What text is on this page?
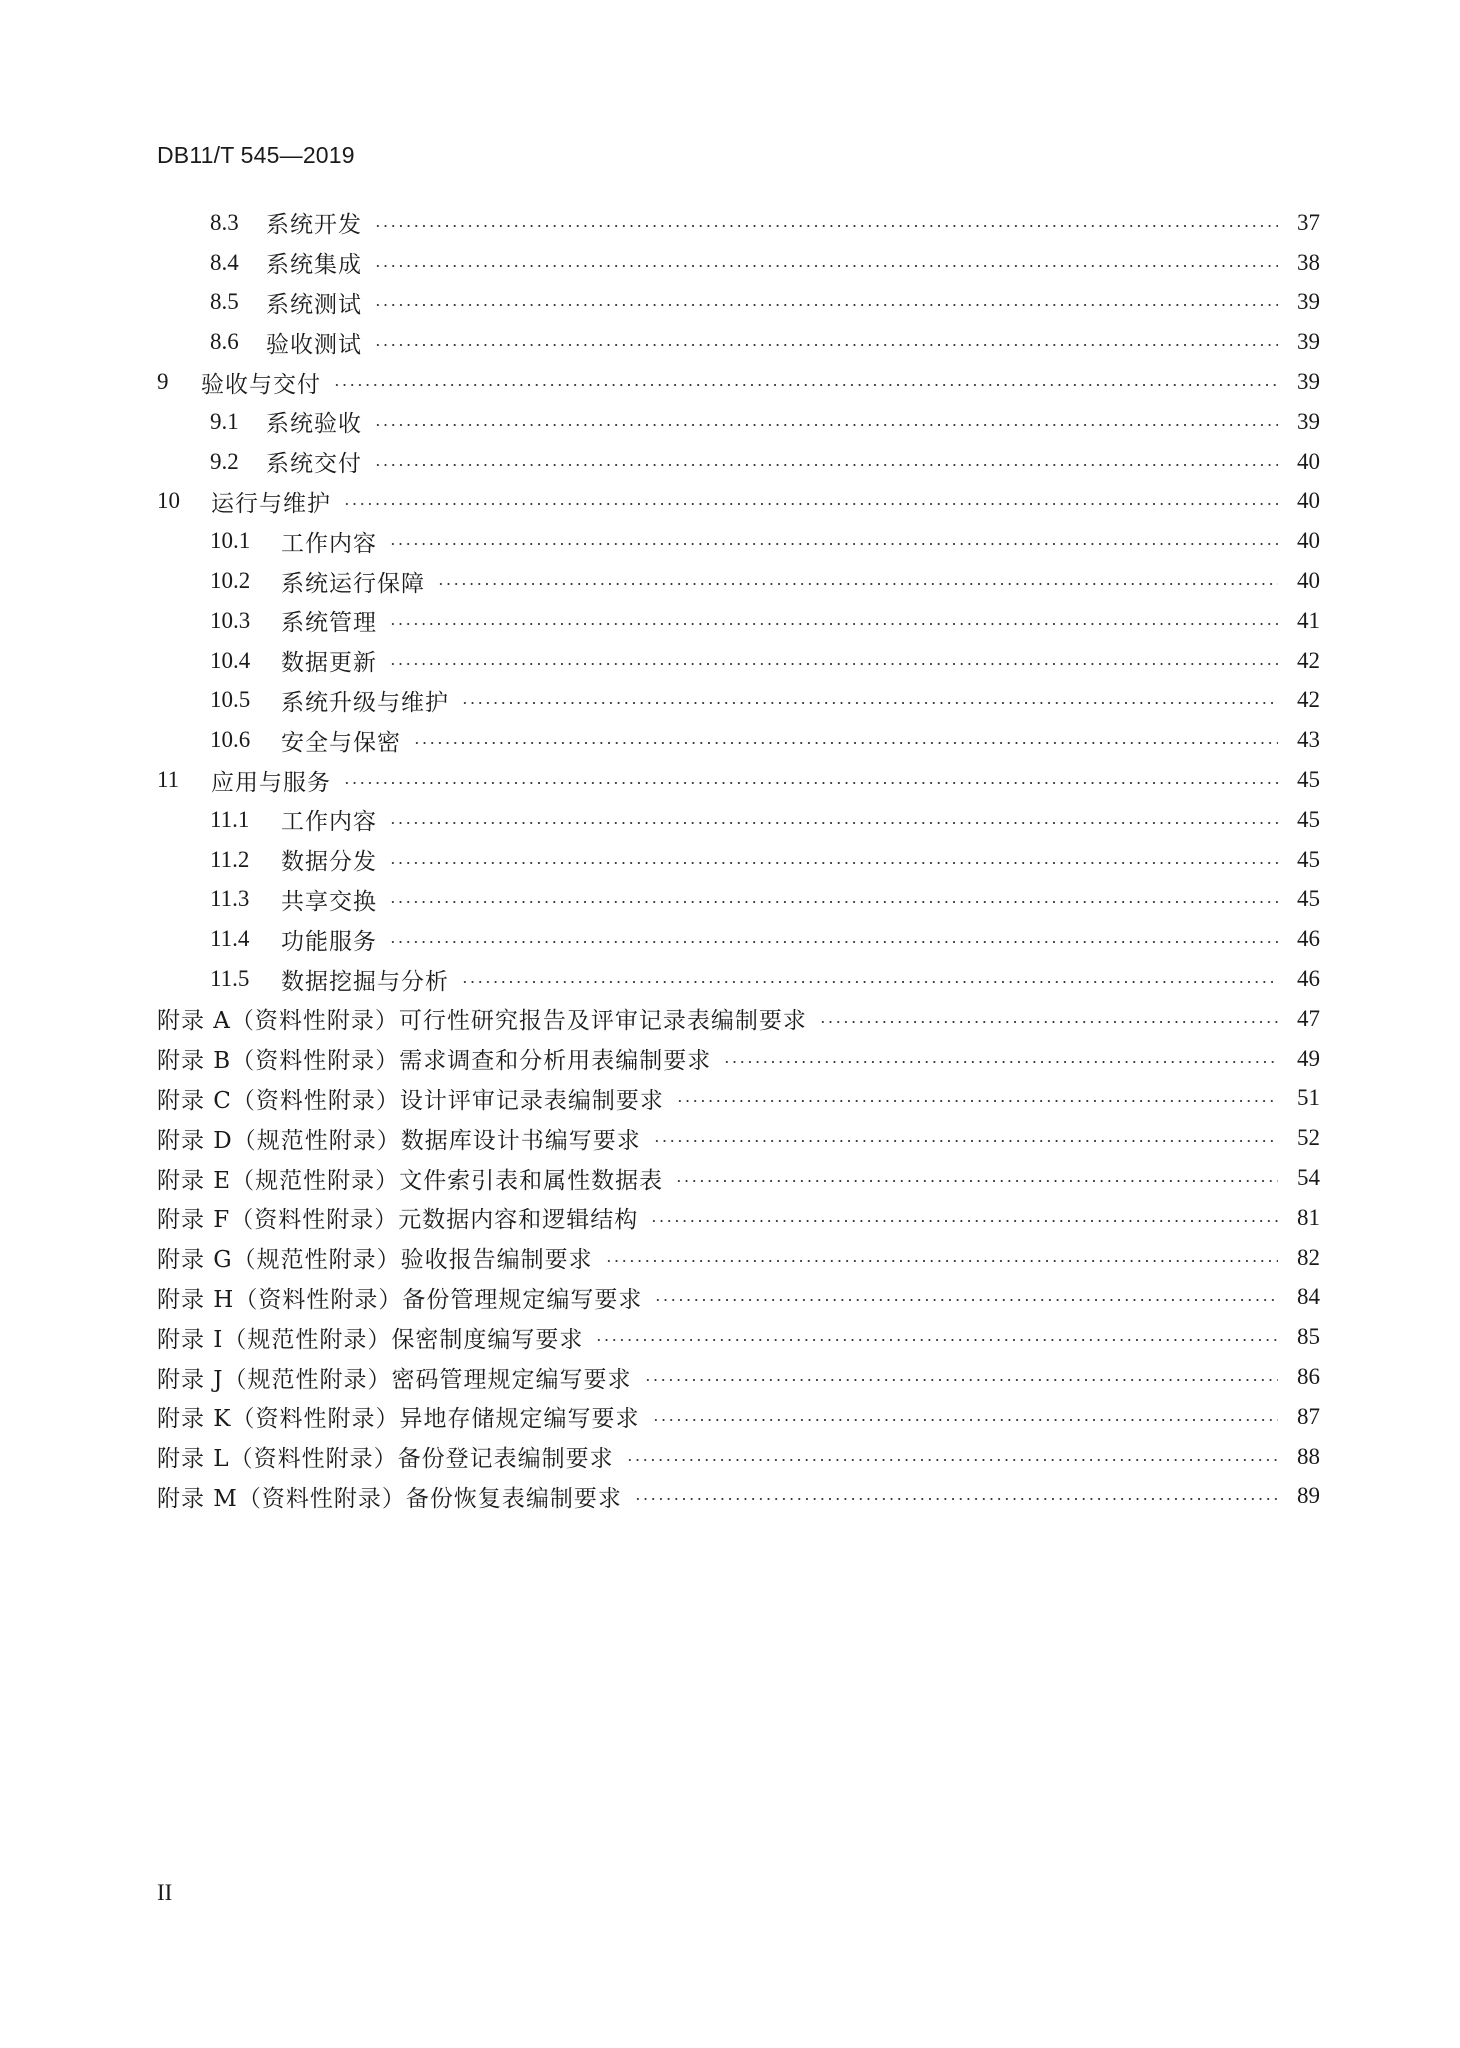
DB11/T 545—2019
8.3	系统开发	37
8.4	系统集成	38
8.5	系统测试	39
8.6	验收测试	39
9	验收与交付	39
9.1	系统验收	39
9.2	系统交付	40
10	运行与维护	40
10.1	工作内容	40
10.2	系统运行保障	40
10.3	系统管理	41
10.4	数据更新	42
10.5	系统升级与维护	42
10.6	安全与保密	43
11	应用与服务	45
11.1	工作内容	45
11.2	数据分发	45
11.3	共享交换	45
11.4	功能服务	46
11.5	数据挖掘与分析	46
附录 A（资料性附录）可行性研究报告及评审记录表编制要求	47
附录 B（资料性附录）需求调查和分析用表编制要求	49
附录 C（资料性附录）设计评审记录表编制要求	51
附录 D（规范性附录）数据库设计书编写要求	52
附录 E（规范性附录）文件索引表和属性数据表	54
附录 F（资料性附录）元数据内容和逻辑结构	81
附录 G（规范性附录）验收报告编制要求	82
附录 H（资料性附录）备份管理规定编写要求	84
附录 I（规范性附录）保密制度编写要求	85
附录 J（规范性附录）密码管理规定编写要求	86
附录 K（资料性附录）异地存储规定编写要求	87
附录 L（资料性附录）备份登记表编制要求	88
附录 M（资料性附录）备份恢复表编制要求	89
II
